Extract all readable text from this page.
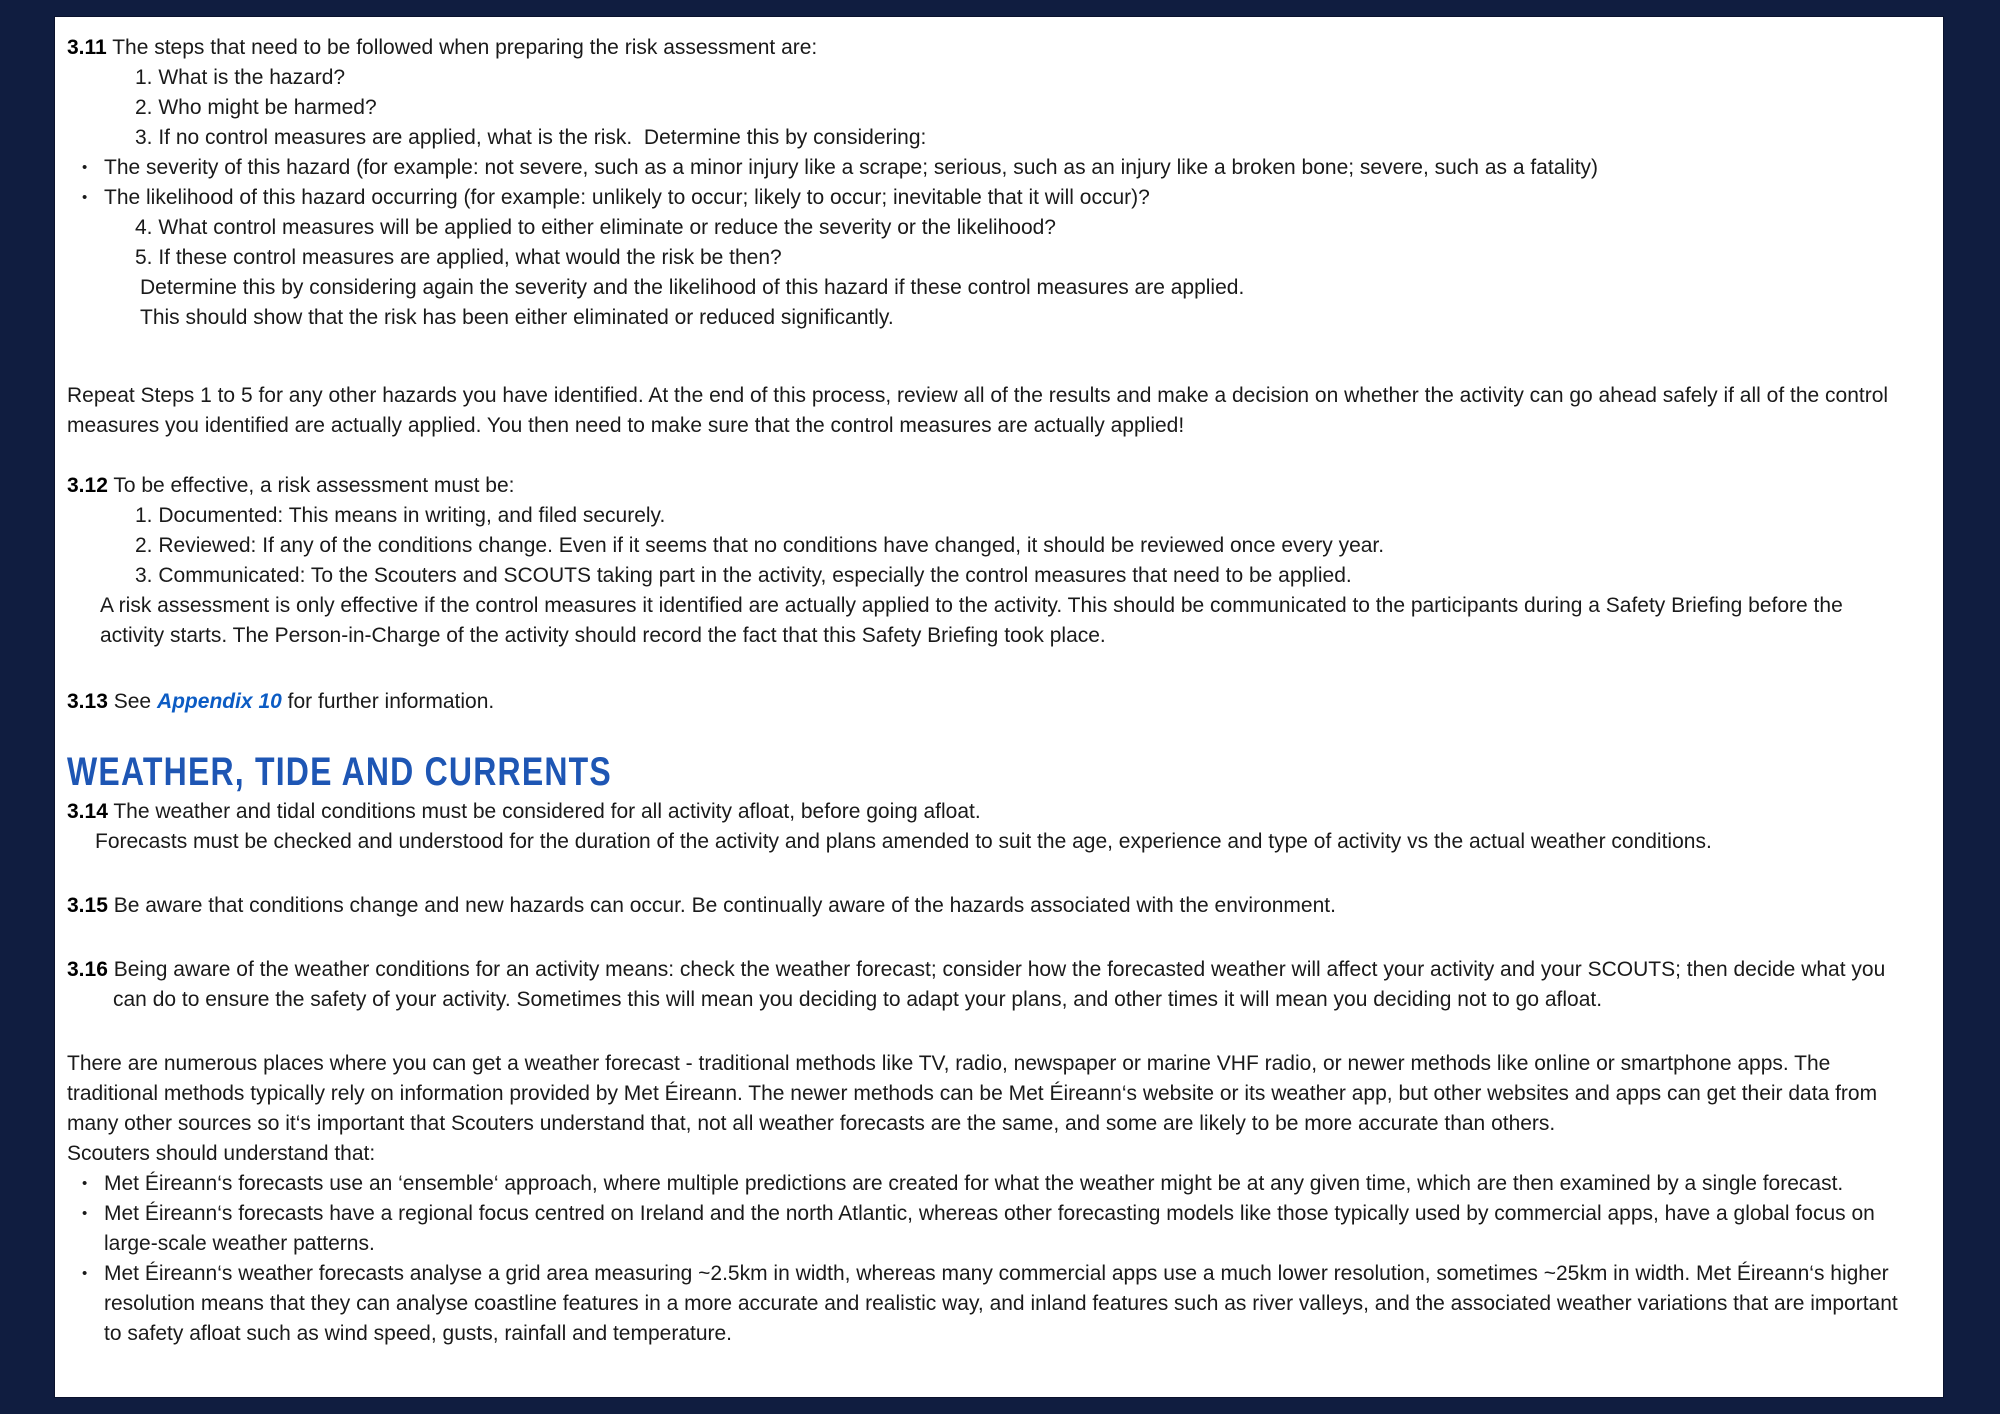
3.11 The steps that need to be followed when preparing the risk assessment are:

1. What is the hazard?
2. Who might be harmed?
3. If no control measures are applied, what is the risk.  Determine this by considering:
• The severity of this hazard (for example: not severe, such as a minor injury like a scrape; serious, such as an injury like a broken bone; severe, such as a fatality)
• The likelihood of this hazard occurring (for example: unlikely to occur; likely to occur; inevitable that it will occur)?
4. What control measures will be applied to either eliminate or reduce the severity or the likelihood?
5. If these control measures are applied, what would the risk be then?

Determine this by considering again the severity and the likelihood of this hazard if these control measures are applied.

This should show that the risk has been either eliminated or reduced significantly.

Repeat Steps 1 to 5 for any other hazards you have identified. At the end of this process, review all of the results and make a decision on whether the activity can go ahead safely if all of the control measures you identified are actually applied. You then need to make sure that the control measures are actually applied!

3.12 To be effective, a risk assessment must be:

1. Documented: This means in writing, and filed securely.
2. Reviewed: If any of the conditions change. Even if it seems that no conditions have changed, it should be reviewed once every year.
3. Communicated: To the Scouters and SCOUTS taking part in the activity, especially the control measures that need to be applied.

A risk assessment is only effective if the control measures it identified are actually applied to the activity. This should be communicated to the participants during a Safety Briefing before the activity starts. The Person-in-Charge of the activity should record the fact that this Safety Briefing took place.

3.13 See Appendix 10 for further information.

WEATHER, TIDE AND CURRENTS

3.14 The weather and tidal conditions must be considered for all activity afloat, before going afloat.

Forecasts must be checked and understood for the duration of the activity and plans amended to suit the age, experience and type of activity vs the actual weather conditions.

3.15 Be aware that conditions change and new hazards can occur. Be continually aware of the hazards associated with the environment.

3.16 Being aware of the weather conditions for an activity means: check the weather forecast; consider how the forecasted weather will affect your activity and your SCOUTS; then decide what you can do to ensure the safety of your activity. Sometimes this will mean you deciding to adapt your plans, and other times it will mean you deciding not to go afloat.

There are numerous places where you can get a weather forecast - traditional methods like TV, radio, newspaper or marine VHF radio, or newer methods like online or smartphone apps. The traditional methods typically rely on information provided by Met Éireann. The newer methods can be Met Éireann‘s website or its weather app, but other websites and apps can get their data from many other sources so it‘s important that Scouters understand that, not all weather forecasts are the same, and some are likely to be more accurate than others.

Scouters should understand that:

• Met Éireann‘s forecasts use an ‘ensemble‘ approach, where multiple predictions are created for what the weather might be at any given time, which are then examined by a single forecast.
• Met Éireann‘s forecasts have a regional focus centred on Ireland and the north Atlantic, whereas other forecasting models like those typically used by commercial apps, have a global focus on large-scale weather patterns.
• Met Éireann‘s weather forecasts analyse a grid area measuring ~2.5km in width, whereas many commercial apps use a much lower resolution, sometimes ~25km in width. Met Éireann‘s higher resolution means that they can analyse coastline features in a more accurate and realistic way, and inland features such as river valleys, and the associated weather variations that are important to safety afloat such as wind speed, gusts, rainfall and temperature.
